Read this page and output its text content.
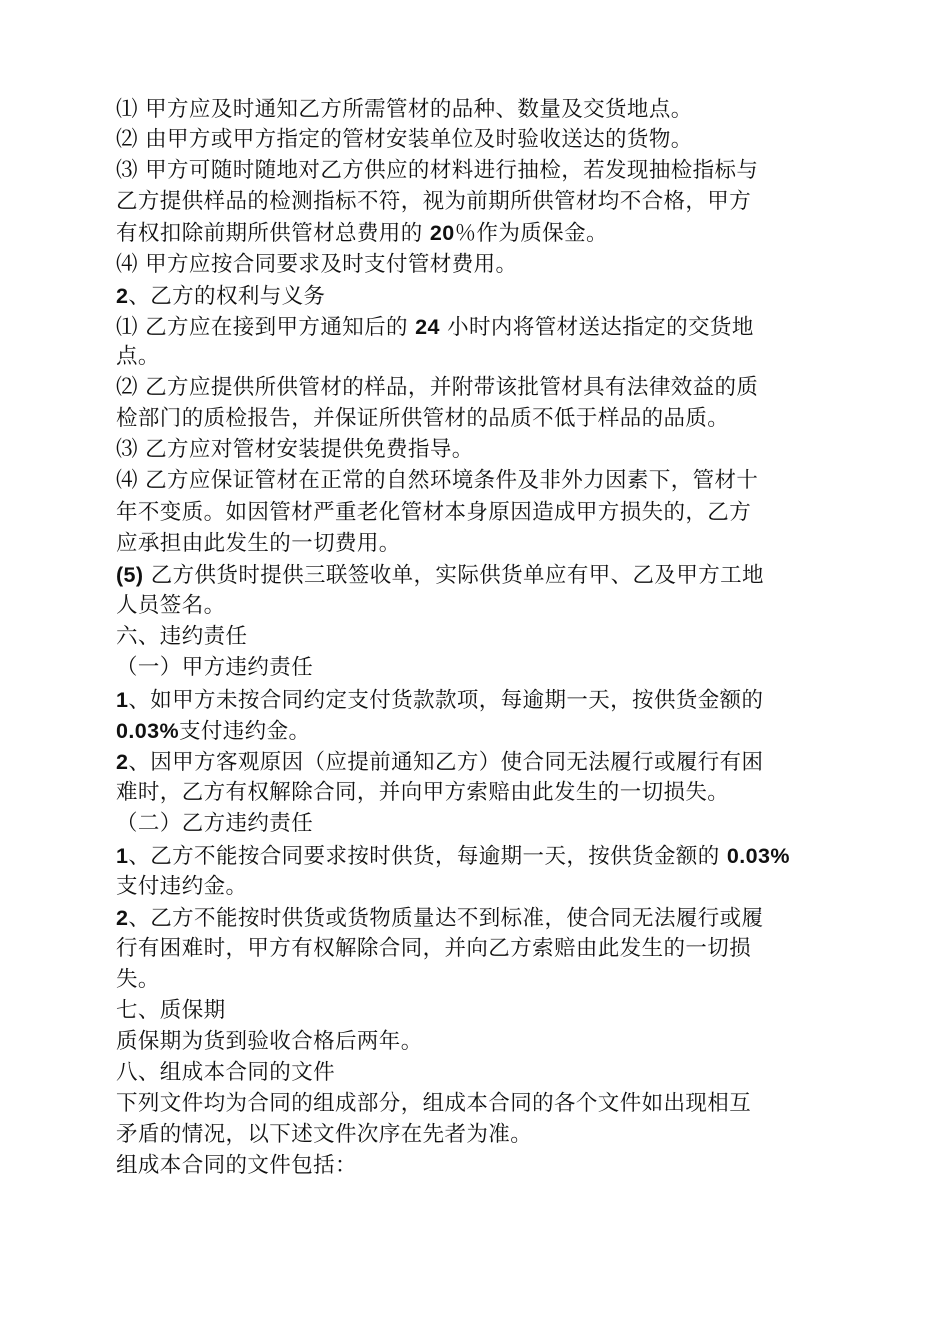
⑴ 甲方应及时通知乙方所需管材的品种、数量及交货地点。
⑵ 由甲方或甲方指定的管材安装单位及时验收送达的货物。
⑶ 甲方可随时随地对乙方供应的材料进行抽检，若发现抽检指标与
乙方提供样品的检测指标不符，视为前期所供管材均不合格，甲方
有权扣除前期所供管材总费用的 20％作为质保金。
⑷ 甲方应按合同要求及时支付管材费用。
2、乙方的权利与义务
⑴ 乙方应在接到甲方通知后的 24 小时内将管材送达指定的交货地
点。
⑵ 乙方应提供所供管材的样品，并附带该批管材具有法律效益的质
检部门的质检报告，并保证所供管材的品质不低于样品的品质。
⑶ 乙方应对管材安装提供免费指导。
⑷ 乙方应保证管材在正常的自然环境条件及非外力因素下，管材十
年不变质。如因管材严重老化管材本身原因造成甲方损失的，乙方
应承担由此发生的一切费用。
(5) 乙方供货时提供三联签收单，实际供货单应有甲、乙及甲方工地
人员签名。
六、违约责任
（一）甲方违约责任
1、如甲方未按合同约定支付货款款项，每逾期一天，按供货金额的
0.03%支付违约金。
2、因甲方客观原因（应提前通知乙方）使合同无法履行或履行有困
难时，乙方有权解除合同，并向甲方索赔由此发生的一切损失。
（二）乙方违约责任
1、乙方不能按合同要求按时供货，每逾期一天，按供货金额的 0.03%
支付违约金。
2、乙方不能按时供货或货物质量达不到标准，使合同无法履行或履
行有困难时，甲方有权解除合同，并向乙方索赔由此发生的一切损
失。
七、质保期
质保期为货到验收合格后两年。
八、组成本合同的文件
下列文件均为合同的组成部分，组成本合同的各个文件如出现相互
矛盾的情况，以下述文件次序在先者为准。
组成本合同的文件包括：
